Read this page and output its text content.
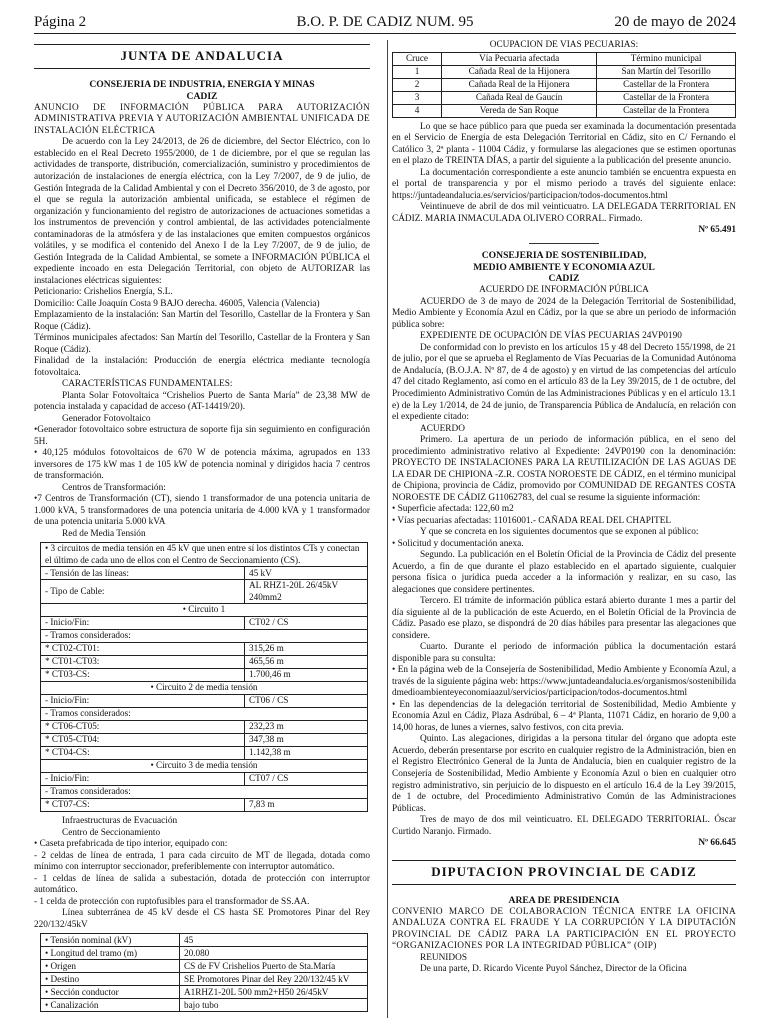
Página 2	B.O. P. DE CADIZ NUM. 95	20 de mayo de 2024
JUNTA DE ANDALUCIA

CONSEJERIA DE INDUSTRIA, ENERGIA Y MINAS

CADIZ

ANUNCIO DE INFORMACIÓN PÚBLICA PARA AUTORIZACIÓN ADMINISTRATIVA PREVIA Y AUTORIZACIÓN AMBIENTAL UNIFICADA DE INSTALACIÓN ELÉCTRICA

De acuerdo con la Ley 24/2013, de 26 de diciembre, del Sector Eléctrico, con lo establecido en el Real Decreto 1955/2000, de 1 de diciembre, por el que se regulan las actividades de transporte, distribución, comercialización, suministro y procedimientos de autorización de instalaciones de energía eléctrica, con la Ley 7/2007, de 9 de julio, de Gestión Integrada de la Calidad Ambiental y con el Decreto 356/2010, de 3 de agosto, por el que se regula la autorización ambiental unificada, se establece el régimen de organización y funcionamiento del registro de autorizaciones de actuaciones sometidas a los instrumentos de prevención y control ambiental, de las actividades potencialmente contaminadoras de la atmósfera y de las instalaciones que emiten compuestos orgánicos volátiles, y se modifica el contenido del Anexo I de la Ley 7/2007, de 9 de julio, de Gestión Integrada de la Calidad Ambiental, se somete a INFORMACIÓN PÚBLICA el expediente incoado en esta Delegación Territorial, con objeto de AUTORIZAR las instalaciones eléctricas siguientes:

Peticionario: Crishelios Energía, S.L.

Domicilio: Calle Joaquín Costa 9 BAJO derecha. 46005, Valencia (Valencia)

Emplazamiento de la instalación: San Martín del Tesorillo, Castellar de la Frontera y San Roque (Cádiz).

Términos municipales afectados: San Martín del Tesorillo, Castellar de la Frontera y San Roque (Cádiz).

Finalidad de la instalación: Producción de energía eléctrica mediante tecnología fotovoltaica.

CARACTERÍSTICAS FUNDAMENTALES:

Planta Solar Fotovoltaica “Crishelios Puerto de Santa María” de 23,38 MW de potencia instalada y capacidad de acceso (AT-14419/20).

Generador Fotovoltaico

•Generador fotovoltaico sobre estructura de soporte fija sin seguimiento en configuración 5H.

• 40,125 módulos fotovoltaicos de 670 W de potencia máxima, agrupados en 133 inversores de 175 kW mas 1 de 105 kW de potencia nominal y dirigidos hacia 7 centros de transformación.

Centros de Transformación:

•7 Centros de Transformación (CT), siendo 1 transformador de una potencia unitaria de 1.000 kVA, 5 transformadores de una potencia unitaria de 4.000 kVA y 1 transformador de una potencia unitaria 5.000 kVA

Red de Media Tensión

• 3 circuitos de media tensión en 45 kV que unen entre sí los distintos CTs y conectan el último de cada uno de ellos con el Centro de Seccionamiento (CS).	
- Tensión de las líneas:	45 kV
- Tipo de Cable:	AL RHZ1-20L 26/45kV 240mm2
• Circuito 1	
- Inicio/Fin:	CT02 / CS
- Tramos considerados:	
* CT02-CT01:	315,26 m
* CT01-CT03:	465,56 m
* CT03-CS:	1.700,46 m
• Circuito 2 de media tensión	
- Inicio/Fin:	CT06 / CS
- Tramos considerados:	
* CT06-CT05:	232,23 m
* CT05-CT04:	347,38 m
* CT04-CS:	1.142,38 m
• Circuito 3 de media tensión	
- Inicio/Fin:	CT07 / CS
- Tramos considerados:	
* CT07-CS:	7,83 m

Infraestructuras de Evacuación

Centro de Seccionamiento

• Caseta prefabricada de tipo interior, equipado con:

- 2 celdas de línea de entrada, 1 para cada circuito de MT de llegada, dotada como mínimo con interruptor seccionador, preferiblemente con interruptor automático.

- 1 celdas de línea de salida a subestación, dotada de protección con interruptor automático.

- 1 celda de protección con ruptofusibles para el transformador de SS.AA.

Línea subterránea de 45 kV desde el CS hasta SE Promotores Pinar del Rey 220/132/45kV

• Tensión nominal (kV)	45
• Longitud del tramo (m)	20.080
• Origen	CS de FV Crishelios Puerto de Sta.María
• Destino	SE Promotores Pinar del Rey 220/132/45 kV
• Sección conductor	A1RHZ1-20L 500 mm2+H50 26/45kV
• Canalización	bajo tubo

OCUPACIÓN DE VÍAS PECUARIAS:

Cruce	Vía Pecuaria afectada	Término municipal
1	Cañada Real de la Hijonera	San Martín del Tesorillo
2	Cañada Real de la Hijonera	Castellar de la Frontera
3	Cañada Real de Gaucín	Castellar de la Frontera
4	Vereda de San Roque	Castellar de la Frontera

Lo que se hace público para que pueda ser examinada la documentación presentada en el Servicio de Energía de esta Delegación Territorial en Cádiz, sito en C/ Fernando el Católico 3, 2ª planta - 11004 Cádiz, y formularse las alegaciones que se estimen oportunas en el plazo de TREINTA DÍAS, a partir del siguiente a la publicación del presente anuncio.

La documentación correspondiente a este anuncio también se encuentra expuesta en el portal de transparencia y por el mismo periodo a través del siguiente enlace: https://juntadeandalucia.es/servicios/participacion/todos-documentos.html

Veintinueve de abril de dos mil veinticuatro. LA DELEGADA TERRITORIAL EN CÁDIZ. MARIA INMACULADA OLIVERO CORRAL. Firmado.

Nº 65.491

CONSEJERIA DE SOSTENIBILIDAD,

MEDIO AMBIENTE Y ECONOMIA AZUL

CADIZ

ACUERDO DE INFORMACIÓN PÚBLICA

ACUERDO de 3 de mayo de 2024 de la Delegación Territorial de Sostenibilidad, Medio Ambiente y Economía Azul en Cádiz, por la que se abre un periodo de información pública sobre:

EXPEDIENTE DE OCUPACIÓN DE VÍAS PECUARIAS 24VP0190

De conformidad con lo previsto en los artículos 15 y 48 del Decreto 155/1998, de 21 de julio, por el que se aprueba el Reglamento de Vías Pecuarias de la Comunidad Autónoma de Andalucía, (B.O.J.A. Nº 87, de 4 de agosto) y en virtud de las competencias del artículo 47 del citado Reglamento, así como en el artículo 83 de la Ley 39/2015, de 1 de octubre, del Procedimiento Administrativo Común de las Administraciones Públicas y en el artículo 13.1 e) de la Ley 1/2014, de 24 de junio, de Transparencia Pública de Andalucía, en relación con el expediente citado:

ACUERDO

Primero. La apertura de un periodo de información pública, en el seno del procedimiento administrativo relativo al Expediente: 24VP0190 con la denominación: PROYECTO DE INSTALACIONES PARA LA REUTILIZACIÓN DE LAS AGUAS DE LA EDAR DE CHIPIONA -Z.R. COSTA NOROESTE DE CÁDIZ, en el término municipal de Chipiona, provincia de Cádiz, promovido por COMUNIDAD DE REGANTES COSTA NOROESTE DE CÁDIZ G11062783, del cual se resume la siguiente información:

• Superficie afectada: 122,60 m2

• Vías pecuarias afectadas: 11016001.- CAÑADA REAL DEL CHAPITEL

Y que se concreta en los siguientes documentos que se exponen al público:

• Solicitud y documentación anexa.

Segundo. La publicación en el Boletín Oficial de la Provincia de Cádiz del presente Acuerdo, a fin de que durante el plazo establecido en el apartado siguiente, cualquier persona física o jurídica pueda acceder a la información y realizar, en su caso, las alegaciones que considere pertinentes.

Tercero. El trámite de información pública estará abierto durante 1 mes a partir del día siguiente al de la publicación de este Acuerdo, en el Boletín Oficial de la Provincia de Cádiz. Pasado ese plazo, se dispondrá de 20 días hábiles para presentar las alegaciones que considere.

Cuarto. Durante el periodo de información pública la documentación estará disponible para su consulta:

• En la página web de la Consejería de Sostenibilidad, Medio Ambiente y Economía Azul, a través de la siguiente página web: https://www.juntadeandalucia.es/organismos/sostenibilidadmedioambienteyeconomiaazul/servicios/participacion/todos-documentos.html

• En las dependencias de la delegación territorial de Sostenibilidad, Medio Ambiente y Economía Azul en Cádiz, Plaza Asdrúbal, 6 – 4ª Planta, 11071 Cádiz, en horario de 9,00 a 14,00 horas, de lunes a viernes, salvo festivos, con cita previa.

Quinto. Las alegaciones, dirigidas a la persona titular del órgano que adopta este Acuerdo, deberán presentarse por escrito en cualquier registro de la Administración, bien en el Registro Electrónico General de la Junta de Andalucía, bien en cualquier registro de la Consejería de Sostenibilidad, Medio Ambiente y Economía Azul o bien en cualquier otro registro administrativo, sin perjuicio de lo dispuesto en el artículo 16.4 de la Ley 39/2015, de 1 de octubre, del Procedimiento Administrativo Común de las Administraciones Públicas.

Tres de mayo de dos mil veinticuatro. EL DELEGADO TERRITORIAL. Óscar Curtido Naranjo. Firmado.

Nº 66.645

DIPUTACION PROVINCIAL DE CADIZ

AREA DE PRESIDENCIA

CONVENIO MARCO DE COLABORACION TÉCNICA ENTRE LA OFICINA ANDALUZA CONTRA EL FRAUDE Y LA CORRUPCIÓN Y LA DIPUTACIÓN PROVINCIAL DE CÁDIZ PARA LA PARTICIPACIÓN EN EL PROYECTO “ORGANIZACIONES POR LA INTEGRIDAD PÚBLICA” (OIP)

REUNIDOS

De una parte, D. Ricardo Vicente Puyol Sánchez, Director de la Oficina
